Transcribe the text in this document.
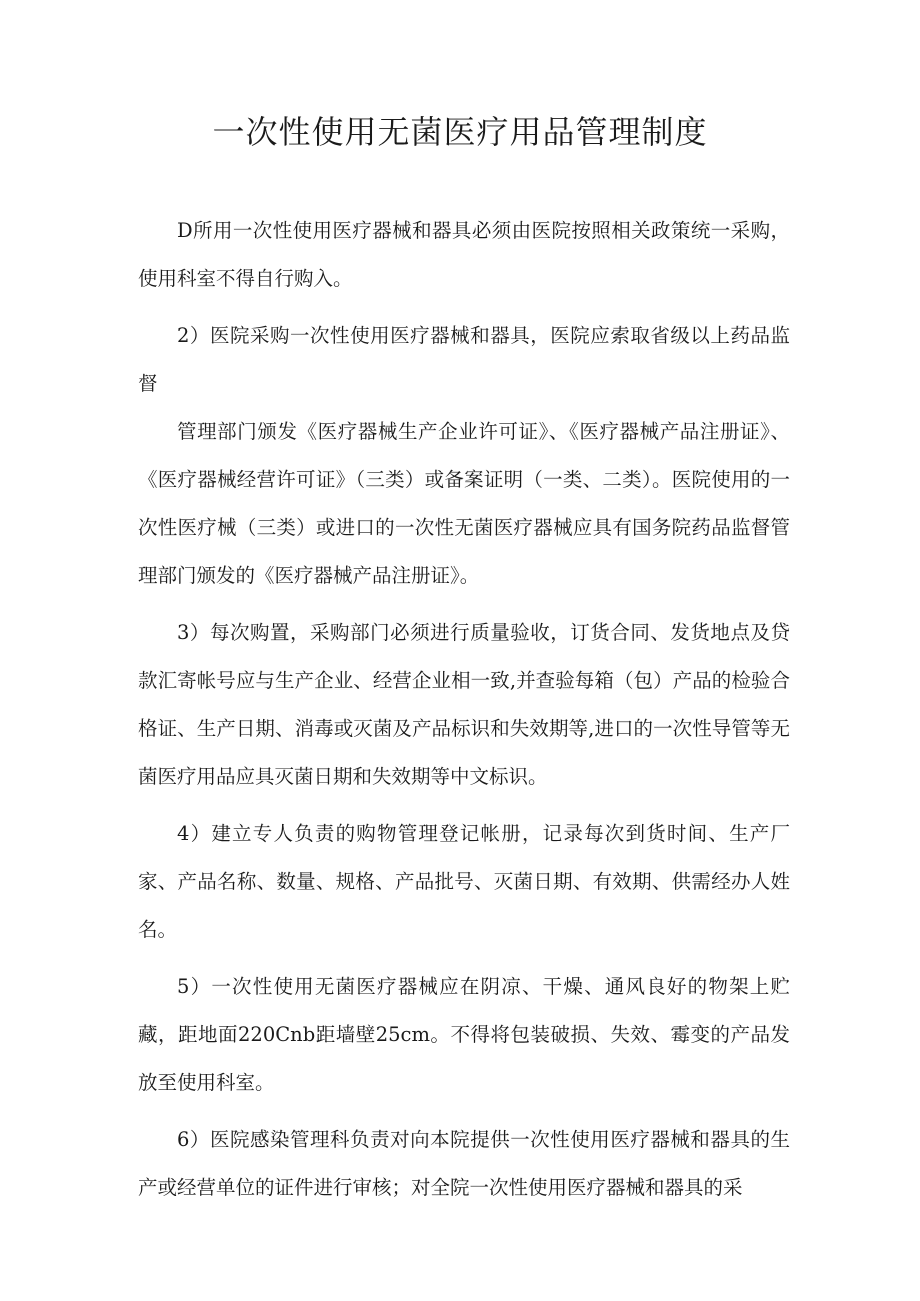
一次性使用无菌医疗用品管理制度

D所用一次性使用医疗器械和器具必须由医院按照相关政策统一采购，使用科室不得自行购入。

2）医院采购一次性使用医疗器械和器具，医院应索取省级以上药品监督

管理部门颁发《医疗器械生产企业许可证》、《医疗器械产品注册证》、《医疗器械经营许可证》（三类）或备案证明（一类、二类）。医院使用的一次性医疗械（三类）或进口的一次性无菌医疗器械应具有国务院药品监督管理部门颁发的《医疗器械产品注册证》。

3）每次购置，采购部门必须进行质量验收，订货合同、发货地点及贷款汇寄帐号应与生产企业、经营企业相一致,并查验每箱（包）产品的检验合格证、生产日期、消毒或灭菌及产品标识和失效期等,进口的一次性导管等无菌医疗用品应具灭菌日期和失效期等中文标识。

4）建立专人负责的购物管理登记帐册，记录每次到货时间、生产厂家、产品名称、数量、规格、产品批号、灭菌日期、有效期、供需经办人姓名。

5）一次性使用无菌医疗器械应在阴凉、干燥、通风良好的物架上贮藏，距地面220Cnb距墙壁25cm。不得将包装破损、失效、霉变的产品发放至使用科室。

6）医院感染管理科负责对向本院提供一次性使用医疗器械和器具的生产或经营单位的证件进行审核；对全院一次性使用医疗器械和器具的采
